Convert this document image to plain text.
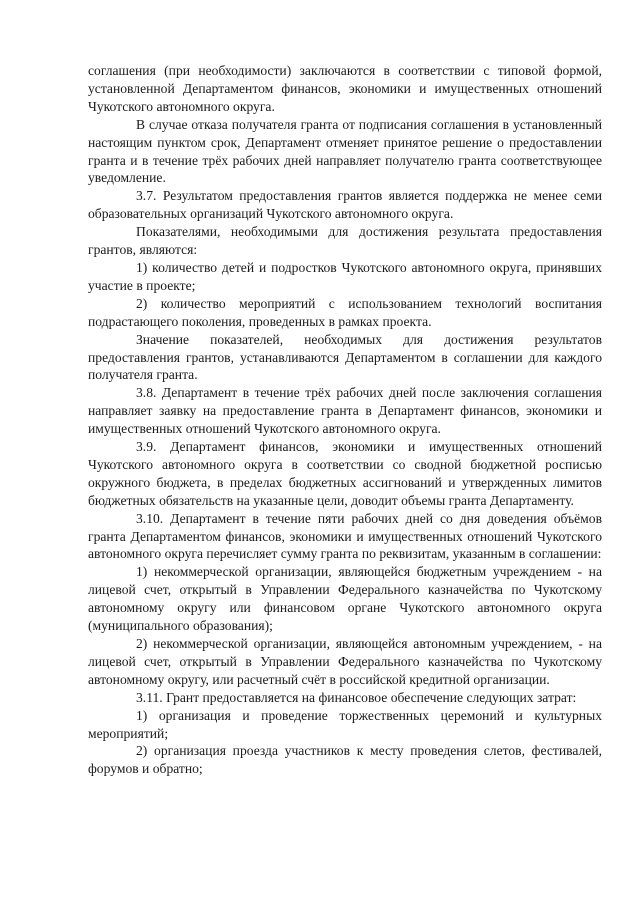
соглашения (при необходимости) заключаются в соответствии с типовой формой, установленной Департаментом финансов, экономики и имущественных отношений Чукотского автономного округа.

В случае отказа получателя гранта от подписания соглашения в установленный настоящим пунктом срок, Департамент отменяет принятое решение о предоставлении гранта и в течение трёх рабочих дней направляет получателю гранта соответствующее уведомление.

3.7. Результатом предоставления грантов является поддержка не менее семи образовательных организаций Чукотского автономного округа.

Показателями, необходимыми для достижения результата предоставления грантов, являются:

1) количество детей и подростков Чукотского автономного округа, принявших участие в проекте;

2) количество мероприятий с использованием технологий воспитания подрастающего поколения, проведенных в рамках проекта.

Значение показателей, необходимых для достижения результатов предоставления грантов, устанавливаются Департаментом в соглашении для каждого получателя гранта.

3.8. Департамент в течение трёх рабочих дней после заключения соглашения направляет заявку на предоставление гранта в Департамент финансов, экономики и имущественных отношений Чукотского автономного округа.

3.9. Департамент финансов, экономики и имущественных отношений Чукотского автономного округа в соответствии со сводной бюджетной росписью окружного бюджета, в пределах бюджетных ассигнований и утвержденных лимитов бюджетных обязательств на указанные цели, доводит объемы гранта Департаменту.

3.10. Департамент в течение пяти рабочих дней со дня доведения объёмов гранта Департаментом финансов, экономики и имущественных отношений Чукотского автономного округа перечисляет сумму гранта по реквизитам, указанным в соглашении:

1) некоммерческой организации, являющейся бюджетным учреждением - на лицевой счет, открытый в Управлении Федерального казначейства по Чукотскому автономному округу или финансовом органе Чукотского автономного округа (муниципального образования);

2) некоммерческой организации, являющейся автономным учреждением, - на лицевой счет, открытый в Управлении Федерального казначейства по Чукотскому автономному округу, или расчетный счёт в российской кредитной организации.

3.11. Грант предоставляется на финансовое обеспечение следующих затрат:

1) организация и проведение торжественных церемоний и культурных мероприятий;

2) организация проезда участников к месту проведения слетов, фестивалей, форумов и обратно;
